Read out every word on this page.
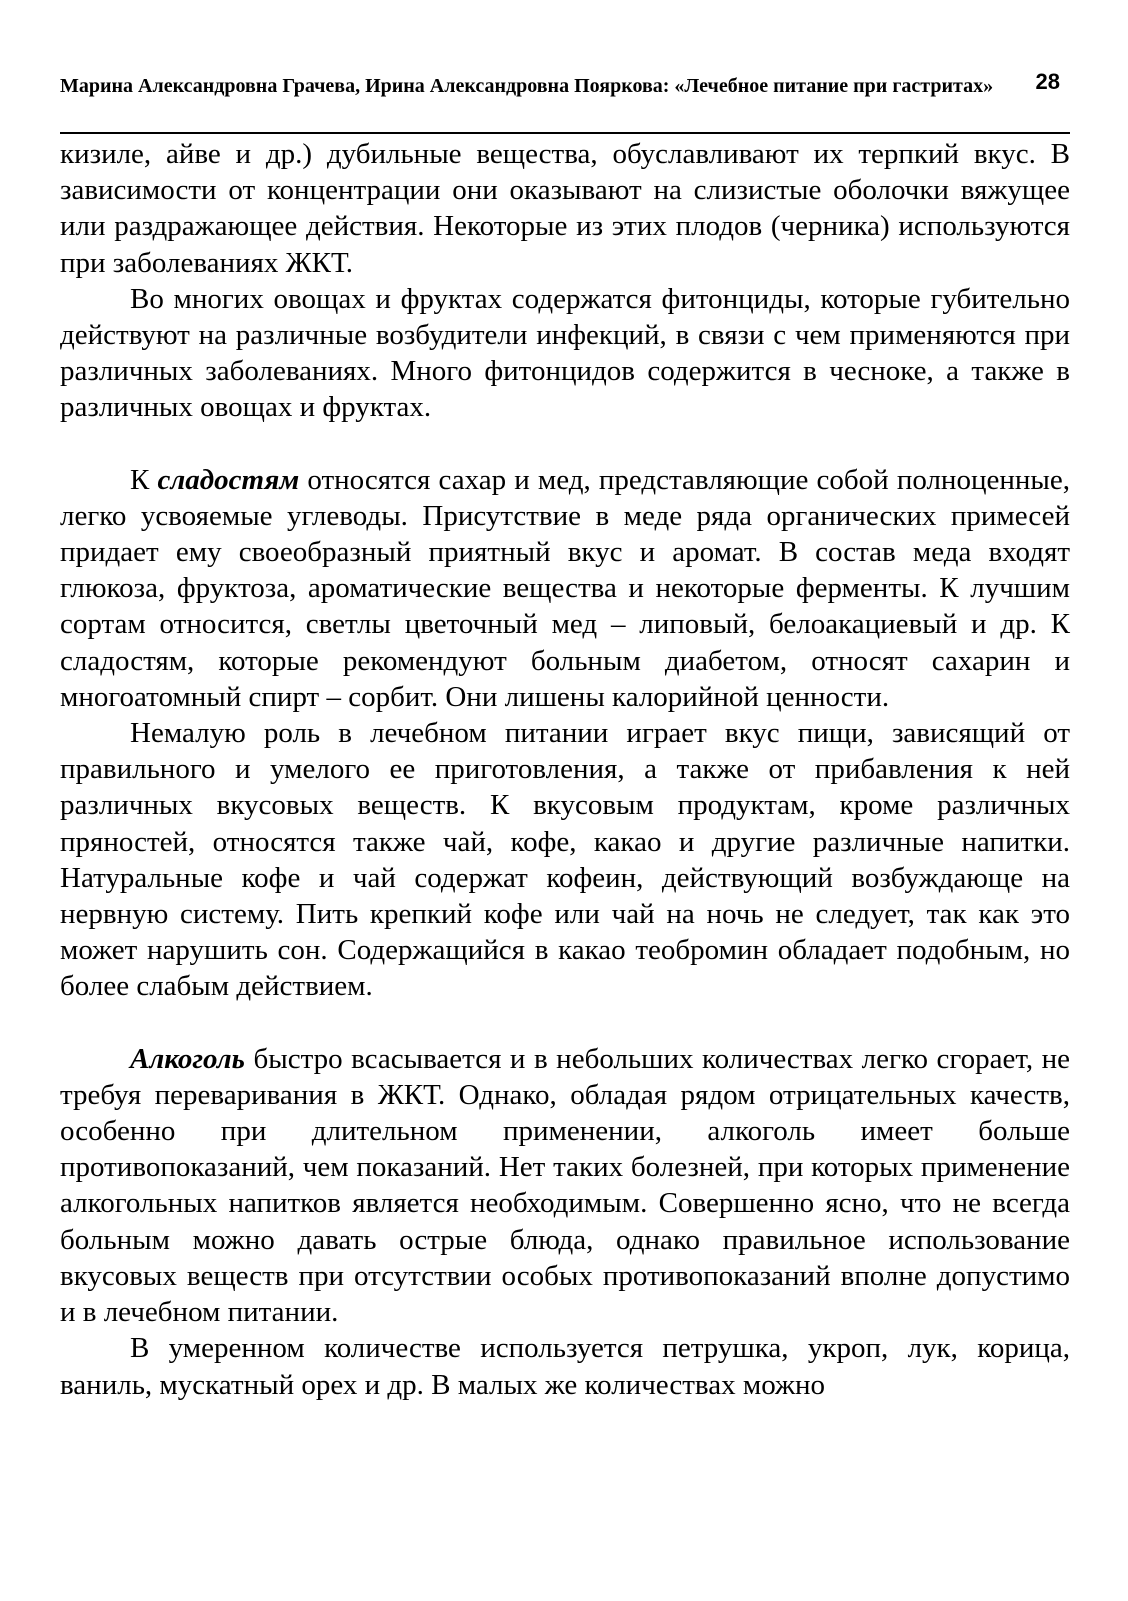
Марина Александровна Грачева, Ирина Александровна Пояркова: «Лечебное питание при гастритах»	28

кизиле, айве и др.) дубильные вещества, обуславливают их терпкий вкус. В зависимости от концентрации они оказывают на слизистые оболочки вяжущее или раздражающее действия. Некоторые из этих плодов (черника) используются при заболеваниях ЖКТ.

Во многих овощах и фруктах содержатся фитонциды, которые губительно действуют на различные возбудители инфекций, в связи с чем применяются при различных заболеваниях. Много фитонцидов содержится в чесноке, а также в различных овощах и фруктах.

К сладостям относятся сахар и мед, представляющие собой полноценные, легко усвояемые углеводы. Присутствие в меде ряда органических примесей придает ему своеобразный приятный вкус и аромат. В состав меда входят глюкоза, фруктоза, ароматические вещества и некоторые ферменты. К лучшим сортам относится, светлы цветочный мед – липовый, белоакациевый и др. К сладостям, которые рекомендуют больным диабетом, относят сахарин и многоатомный спирт – сорбит. Они лишены калорийной ценности.

Немалую роль в лечебном питании играет вкус пищи, зависящий от правильного и умелого ее приготовления, а также от прибавления к ней различных вкусовых веществ. К вкусовым продуктам, кроме различных пряностей, относятся также чай, кофе, какао и другие различные напитки. Натуральные кофе и чай содержат кофеин, действующий возбуждающе на нервную систему. Пить крепкий кофе или чай на ночь не следует, так как это может нарушить сон. Содержащийся в какао теобромин обладает подобным, но более слабым действием.

Алкоголь быстро всасывается и в небольших количествах легко сгорает, не требуя переваривания в ЖКТ. Однако, обладая рядом отрицательных качеств, особенно при длительном применении, алкоголь имеет больше противопоказаний, чем показаний. Нет таких болезней, при которых применение алкогольных напитков является необходимым. Совершенно ясно, что не всегда больным можно давать острые блюда, однако правильное использование вкусовых веществ при отсутствии особых противопоказаний вполне допустимо и в лечебном питании.

В умеренном количестве используется петрушка, укроп, лук, корица, ваниль, мускатный орех и др. В малых же количествах можно
